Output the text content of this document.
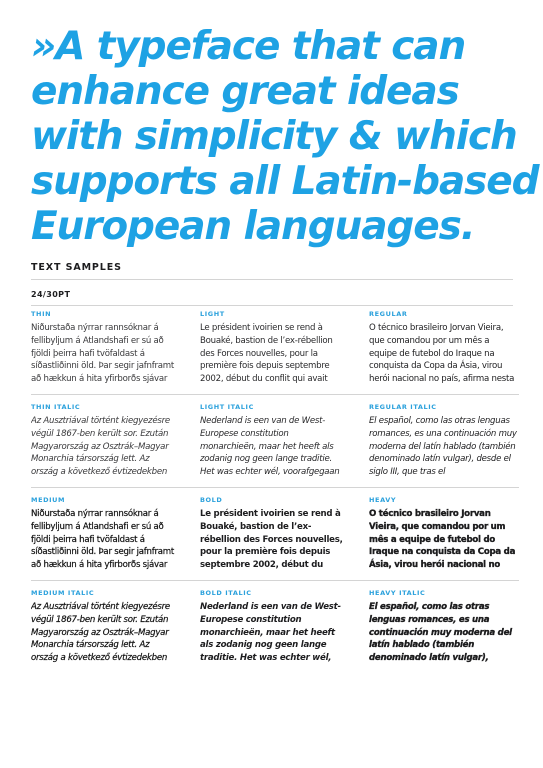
»A typeface that can
enhance great ideas
with simplicity & which
supports all Latin-based
European languages.
TEXT SAMPLES
24/30PT
THIN

Niðurstaða nýrrar rannsóknar á fellibyljum á Atlandshafi er sú að fjöldi þeirra hafi tvöfaldast á síðastliðinni öld. Þar segir jafnframt að hækkun á hita yfirborðs sjávar

LIGHT

Le président ivoirien se rend à Bouaké, bastion de l’ex-rébellion des Forces nouvelles, pour la première fois depuis septembre 2002, début du conflit qui avait

REGULAR

O técnico brasileiro Jorvan Vieira, que comandou por um mês a equipe de futebol do Iraque na conquista da Copa da Ásia, virou herói nacional no país, afirma nesta

THIN ITALIC

Az Ausztriával történt kiegyezésre végül 1867-ben került sor. Ezután Magyarország az Osztrák–Magyar Monarchia társország lett. Az ország a következő évtizedekben

LIGHT ITALIC

Nederland is een van de West-Europese constitution monarchieën, maar het heeft als zodanig nog geen lange traditie. Het was echter wél, voorafgegaan

REGULAR ITALIC

El español, como las otras lenguas romances, es una continuación muy moderna del latín hablado (también denominado latín vulgar), desde el siglo III, que tras el

MEDIUM

Niðurstaða nýrrar rannsóknar á fellibyljum á Atlandshafi er sú að fjöldi þeirra hafi tvöfaldast á síðastliðinni öld. Þar segir jafnframt að hækkun á hita yfirborðs sjávar

BOLD

Le président ivoirien se rend à Bouaké, bastion de l’ex-rébellion des Forces nouvelles, pour la première fois depuis septembre 2002, début du

HEAVY

O técnico brasileiro Jorvan Vieira, que comandou por um mês a equipe de futebol do Iraque na conquista da Copa da Ásia, virou herói nacional no

MEDIUM ITALIC

Az Ausztriával történt kiegyezésre végül 1867-ben került sor. Ezután Magyarország az Osztrák–Magyar Monarchia társország lett. Az ország a következő évtizedekben

BOLD ITALIC

Nederland is een van de West-Europese constitution monarchieën, maar het heeft als zodanig nog geen lange traditie. Het was echter wél,

HEAVY ITALIC

El español, como las otras lenguas romances, es una continuación muy moderna del latín hablado (también denominado latín vulgar),
